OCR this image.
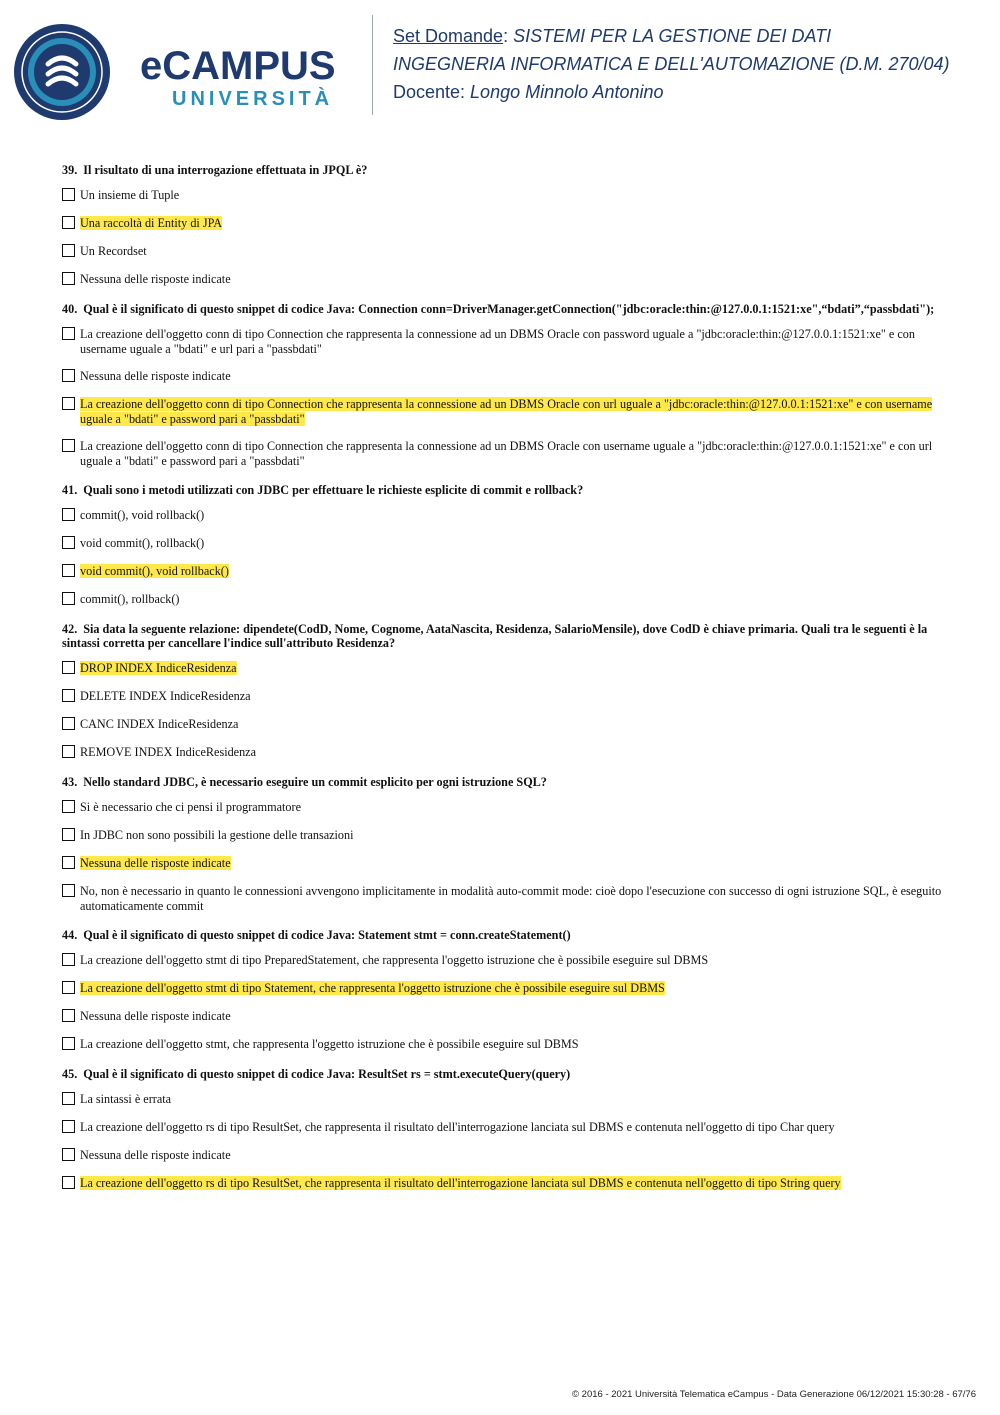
eCAMPUS
UNIVERSITÀ
Set Domande: SISTEMI PER LA GESTIONE DEI DATI
INGEGNERIA INFORMATICA E DELL'AUTOMAZIONE (D.M. 270/04)
Docente: Longo Minnolo Antonino
39. Il risultato di una interrogazione effettuata in JPQL è?
Un insieme di Tuple
Una raccoltà di Entity di JPA
Un Recordset
Nessuna delle risposte indicate
40. Qual è il significato di questo snippet di codice Java: Connection conn=DriverManager.getConnection("jdbc:oracle:thin:@127.0.0.1:1521:xe",“bdati”,“passbdati");
La creazione dell'oggetto conn di tipo Connection che rappresenta la connessione ad un DBMS Oracle con password uguale a "jdbc:oracle:thin:@127.0.0.1:1521:xe" e con username uguale a "bdati" e url pari a "passbdati"
Nessuna delle risposte indicate
La creazione dell'oggetto conn di tipo Connection che rappresenta la connessione ad un DBMS Oracle con url uguale a "jdbc:oracle:thin:@127.0.0.1:1521:xe" e con username uguale a "bdati" e password pari a "passbdati"
La creazione dell'oggetto conn di tipo Connection che rappresenta la connessione ad un DBMS Oracle con username uguale a "jdbc:oracle:thin:@127.0.0.1:1521:xe" e con url uguale a "bdati" e password pari a "passbdati"
41. Quali sono i metodi utilizzati con JDBC per effettuare le richieste esplicite di commit e rollback?
commit(), void rollback()
void commit(), rollback()
void commit(), void rollback()
commit(), rollback()
42. Sia data la seguente relazione: dipendete(CodD, Nome, Cognome, AataNascita, Residenza, SalarioMensile), dove CodD è chiave primaria. Quali tra le seguenti è la sintassi corretta per cancellare l'indice sull'attributo Residenza?
DROP INDEX IndiceResidenza
DELETE INDEX IndiceResidenza
CANC INDEX IndiceResidenza
REMOVE INDEX IndiceResidenza
43. Nello standard JDBC, è necessario eseguire un commit esplicito per ogni istruzione SQL?
Si è necessario che ci pensi il programmatore
In JDBC non sono possibili la gestione delle transazioni
Nessuna delle risposte indicate
No, non è necessario in quanto le connessioni avvengono implicitamente in modalità auto-commit mode: cioè dopo l'esecuzione con successo di ogni istruzione SQL, è eseguito automaticamente commit
44. Qual è il significato di questo snippet di codice Java: Statement stmt = conn.createStatement()
La creazione dell'oggetto stmt di tipo PreparedStatement, che rappresenta l'oggetto istruzione che è possibile eseguire sul DBMS
La creazione dell'oggetto stmt di tipo Statement, che rappresenta l'oggetto istruzione che è possibile eseguire sul DBMS
Nessuna delle risposte indicate
La creazione dell'oggetto stmt, che rappresenta l'oggetto istruzione che è possibile eseguire sul DBMS
45. Qual è il significato di questo snippet di codice Java: ResultSet rs = stmt.executeQuery(query)
La sintassi è errata
La creazione dell'oggetto rs di tipo ResultSet, che rappresenta il risultato dell'interrogazione lanciata sul DBMS e contenuta nell'oggetto di tipo Char query
Nessuna delle risposte indicate
La creazione dell'oggetto rs di tipo ResultSet, che rappresenta il risultato dell'interrogazione lanciata sul DBMS e contenuta nell'oggetto di tipo String query
© 2016 - 2021 Università Telematica eCampus - Data Generazione 06/12/2021 15:30:28 - 67/76
